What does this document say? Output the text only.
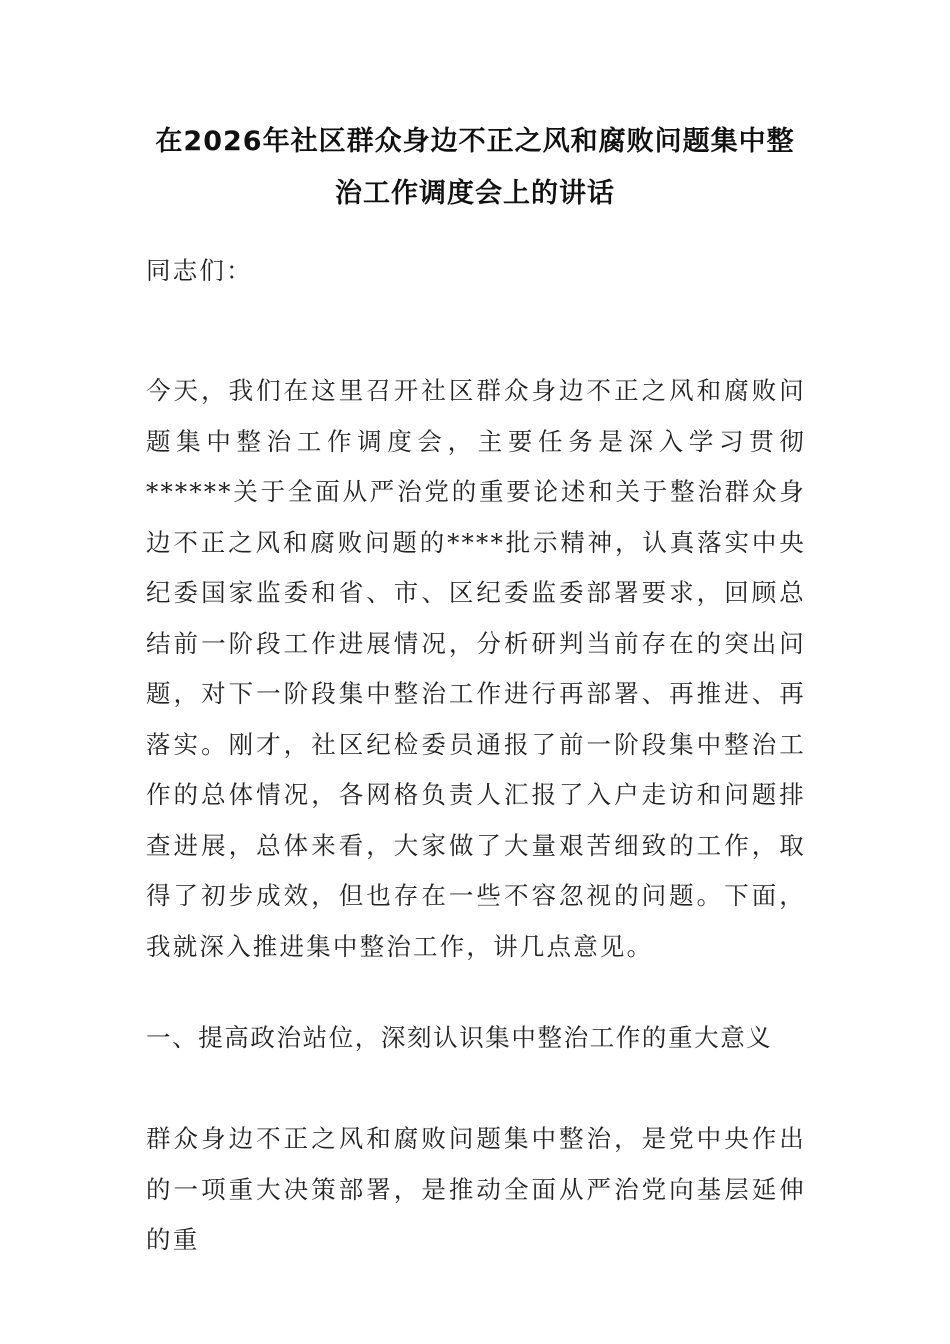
在2026年社区群众身边不正之风和腐败问题集中整
治工作调度会上的讲话
同志们：
今天，我们在这里召开社区群众身边不正之风和腐败问题集中整治工作调度会，主要任务是深入学习贯彻******关于全面从严治党的重要论述和关于整治群众身边不正之风和腐败问题的****批示精神，认真落实中央纪委国家监委和省、市、区纪委监委部署要求，回顾总结前一阶段工作进展情况，分析研判当前存在的突出问题，对下一阶段集中整治工作进行再部署、再推进、再落实。刚才，社区纪检委员通报了前一阶段集中整治工作的总体情况，各网格负责人汇报了入户走访和问题排查进展，总体来看，大家做了大量艰苦细致的工作，取得了初步成效，但也存在一些不容忽视的问题。下面，我就深入推进集中整治工作，讲几点意见。
一、提高政治站位，深刻认识集中整治工作的重大意义
群众身边不正之风和腐败问题集中整治，是党中央作出的一项重大决策部署，是推动全面从严治党向基层延伸的重
